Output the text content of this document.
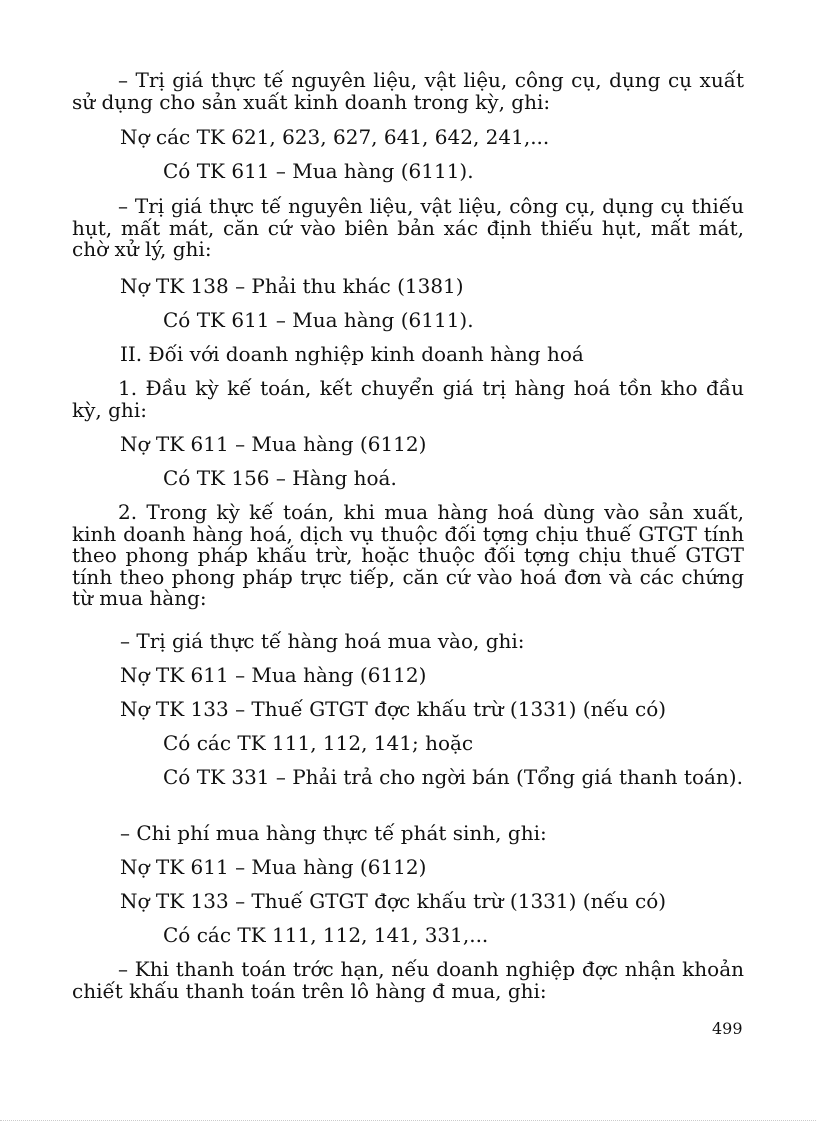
– Trị giá thực tế nguyên liệu, vật liệu, công cụ, dụng cụ xuất sử dụng cho sản xuất kinh doanh trong kỳ, ghi:

Nợ các TK 621, 623, 627, 641, 642, 241,...

Có TK 611 – Mua hàng (6111).

– Trị giá thực tế nguyên liệu, vật liệu, công cụ, dụng cụ thiếu hụt, mất mát, căn cứ vào biên bản xác định thiếu hụt, mất mát, chờ xử lý, ghi:

Nợ TK 138 – Phải thu khác (1381)

Có TK 611 – Mua hàng (6111).

II. Đối với doanh nghiệp kinh doanh hàng hoá

1. Đầu kỳ kế toán, kết chuyển giá trị hàng hoá tồn kho đầu kỳ, ghi:

Nợ TK 611 – Mua hàng (6112)

Có TK 156 – Hàng hoá.

2. Trong kỳ kế toán, khi mua hàng hoá dùng vào sản xuất, kinh doanh hàng hoá, dịch vụ thuộc đối tợng chịu thuế GTGT tính theo phong pháp khấu trừ, hoặc thuộc đối tợng chịu thuế GTGT tính theo phong pháp trực tiếp, căn cứ vào hoá đơn và các chứng từ mua hàng:

– Trị giá thực tế hàng hoá mua vào, ghi:

Nợ TK 611 – Mua hàng (6112)

Nợ TK 133 – Thuế GTGT đợc khấu trừ (1331) (nếu có)

Có các TK 111, 112, 141; hoặc

Có TK 331 – Phải trả cho ngời bán (Tổng giá thanh toán).

– Chi phí mua hàng thực tế phát sinh, ghi:

Nợ TK 611 – Mua hàng (6112)

Nợ TK 133 – Thuế GTGT đợc khấu trừ (1331) (nếu có)

Có các TK 111, 112, 141, 331,...

– Khi thanh toán trớc hạn, nếu doanh nghiệp đợc nhận khoản chiết khấu thanh toán trên lô hàng đ mua, ghi:

499
